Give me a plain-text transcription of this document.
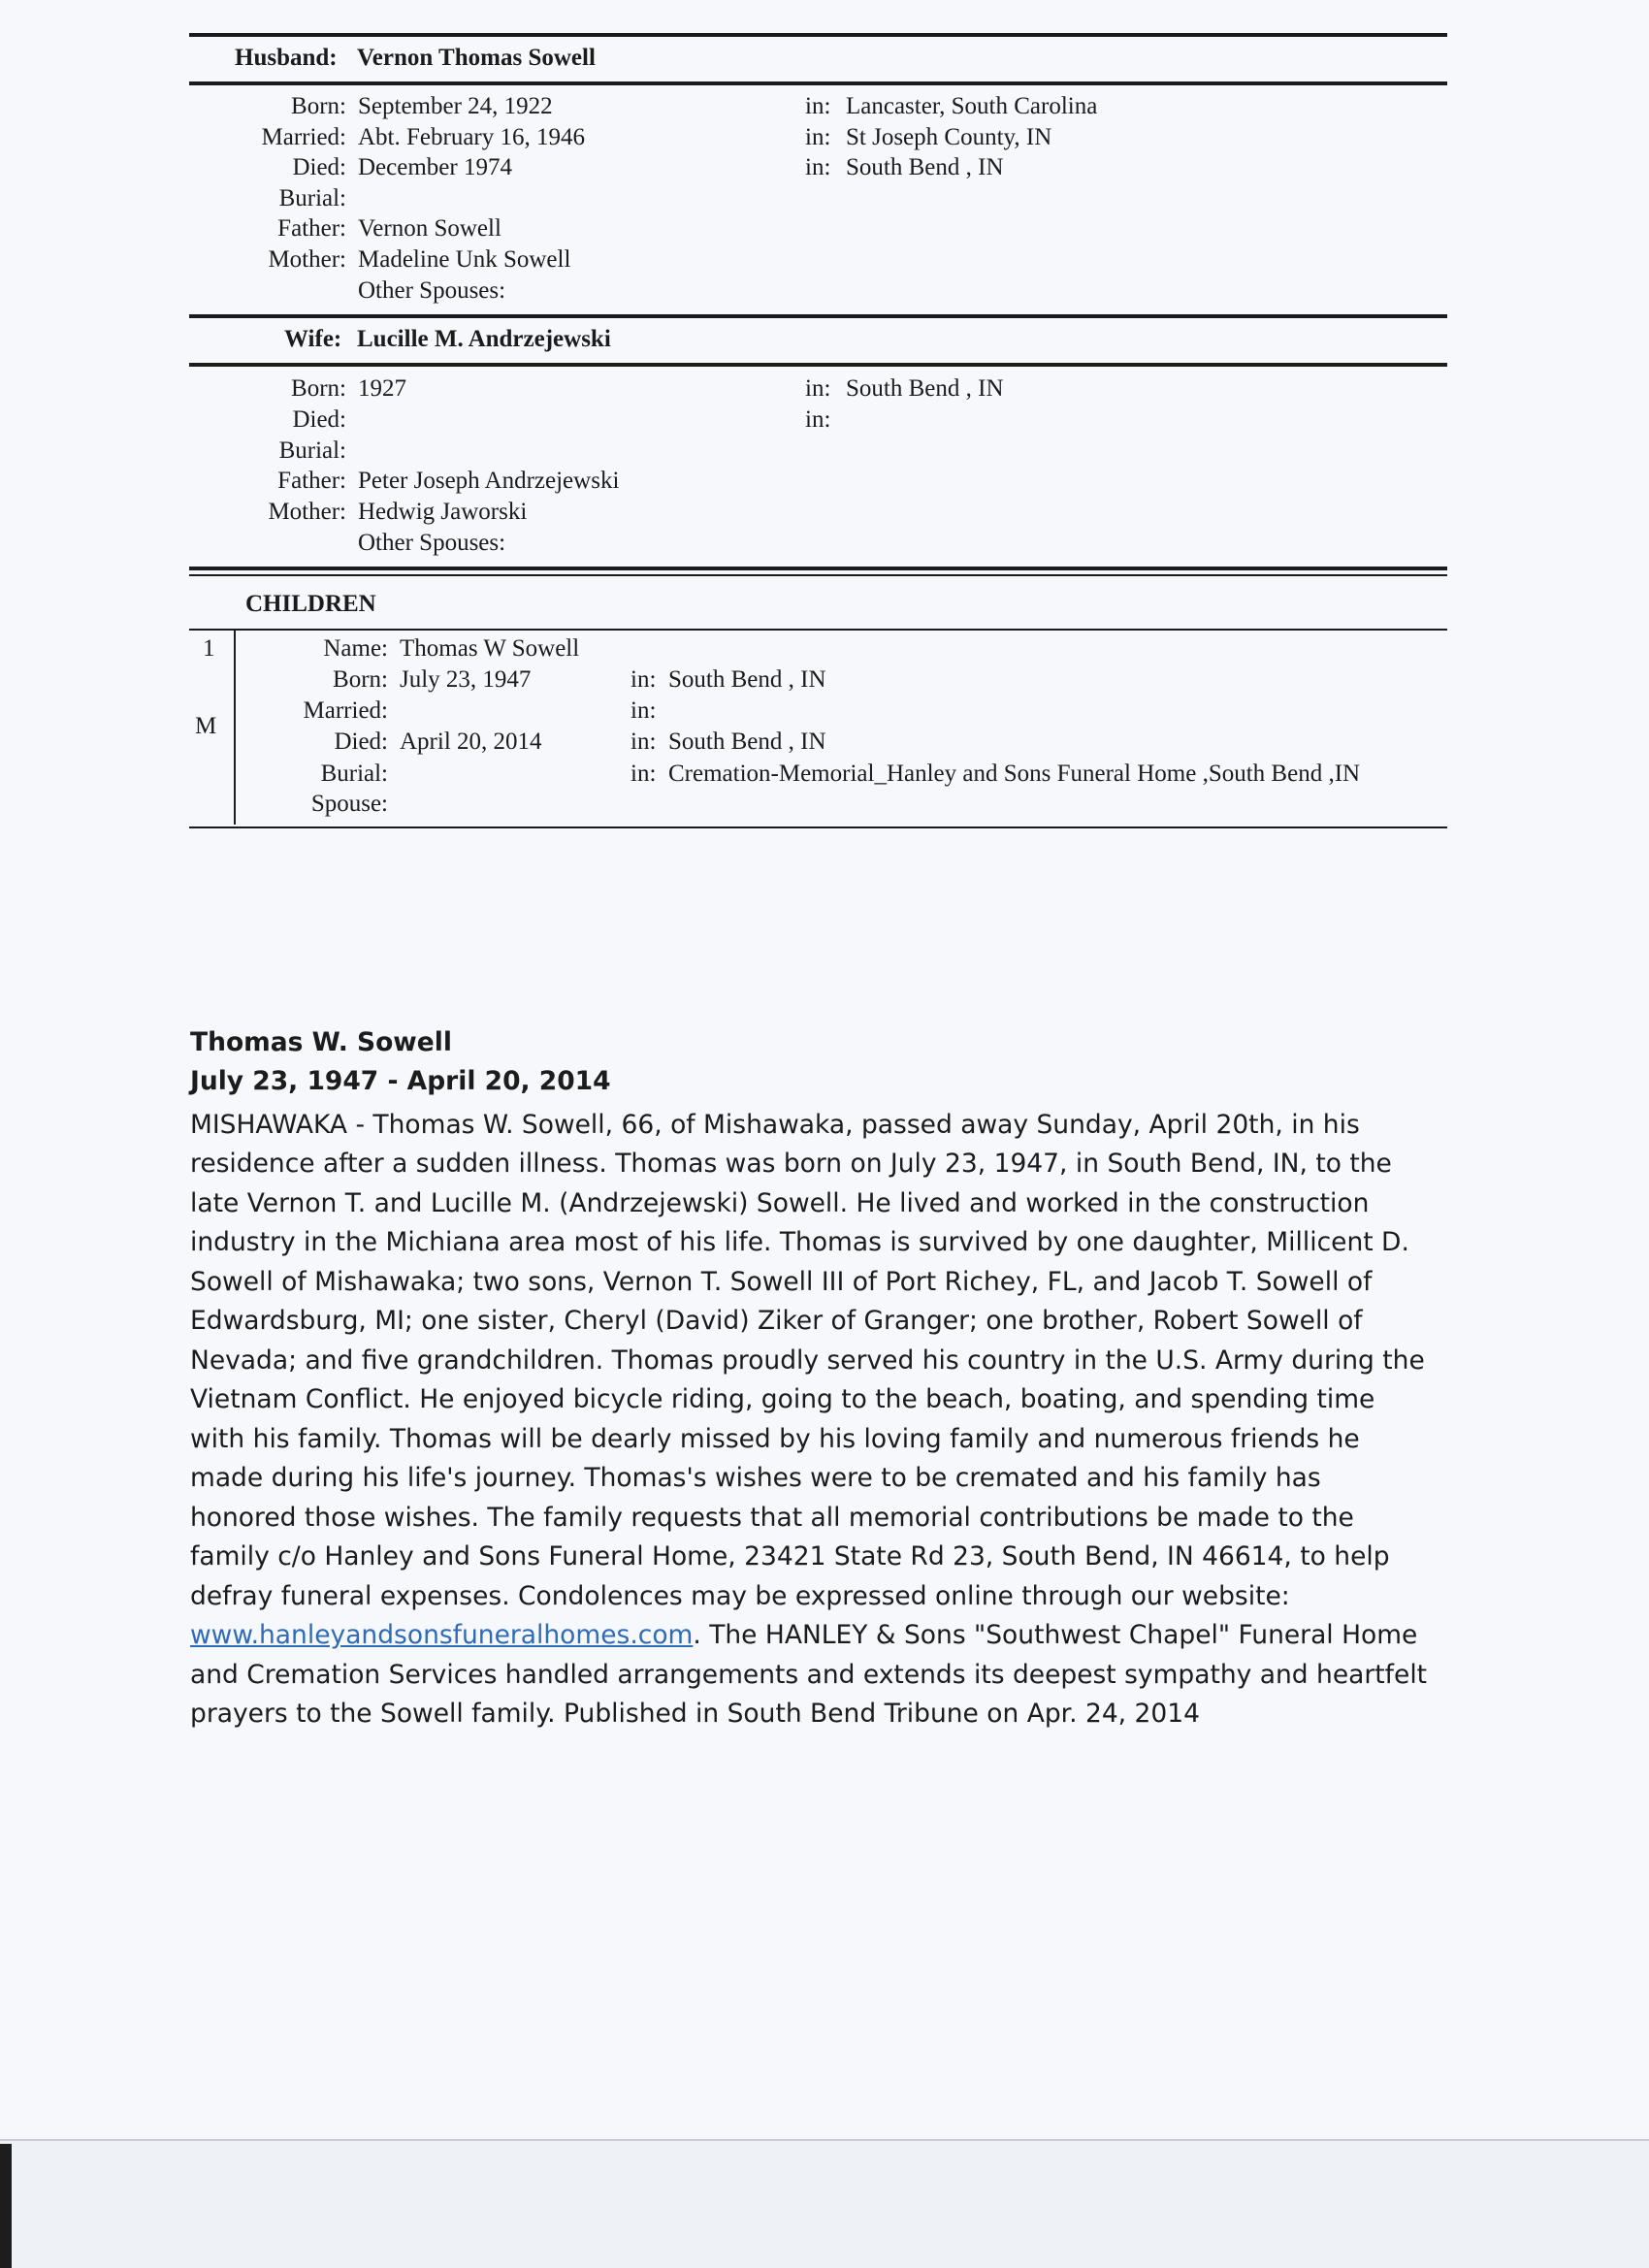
Husband: Vernon Thomas Sowell
Born: September 24, 1922	in: Lancaster, South Carolina
Married: Abt. February 16, 1946	in: St Joseph County, IN
Died: December 1974	in: South Bend , IN
Burial:
Father: Vernon Sowell
Mother: Madeline Unk Sowell
Other Spouses:
Wife: Lucille M. Andrzejewski
Born: 1927	in: South Bend , IN
Died:	in:
Burial:
Father: Peter Joseph Andrzejewski
Mother: Hedwig Jaworski
Other Spouses:
CHILDREN
1
M
Name: Thomas W Sowell
Born: July 23, 1947	in: South Bend , IN
Married:	in:
Died: April 20, 2014	in: South Bend , IN
Burial:	in: Cremation-Memorial_Hanley and Sons Funeral Home ,South Bend ,IN
Spouse:
Thomas W. Sowell
July 23, 1947 - April 20, 2014
MISHAWAKA - Thomas W. Sowell, 66, of Mishawaka, passed away Sunday, April 20th, in his
residence after a sudden illness. Thomas was born on July 23, 1947, in South Bend, IN, to the
late Vernon T. and Lucille M. (Andrzejewski) Sowell. He lived and worked in the construction
industry in the Michiana area most of his life. Thomas is survived by one daughter, Millicent D.
Sowell of Mishawaka; two sons, Vernon T. Sowell III of Port Richey, FL, and Jacob T. Sowell of
Edwardsburg, MI; one sister, Cheryl (David) Ziker of Granger; one brother, Robert Sowell of
Nevada; and five grandchildren. Thomas proudly served his country in the U.S. Army during the
Vietnam Conflict. He enjoyed bicycle riding, going to the beach, boating, and spending time
with his family. Thomas will be dearly missed by his loving family and numerous friends he
made during his life's journey. Thomas's wishes were to be cremated and his family has
honored those wishes. The family requests that all memorial contributions be made to the
family c/o Hanley and Sons Funeral Home, 23421 State Rd 23, South Bend, IN 46614, to help
defray funeral expenses. Condolences may be expressed online through our website:
www.hanleyandsonsfuneralhomes.com. The HANLEY & Sons "Southwest Chapel" Funeral Home
and Cremation Services handled arrangements and extends its deepest sympathy and heartfelt
prayers to the Sowell family. Published in South Bend Tribune on Apr. 24, 2014
